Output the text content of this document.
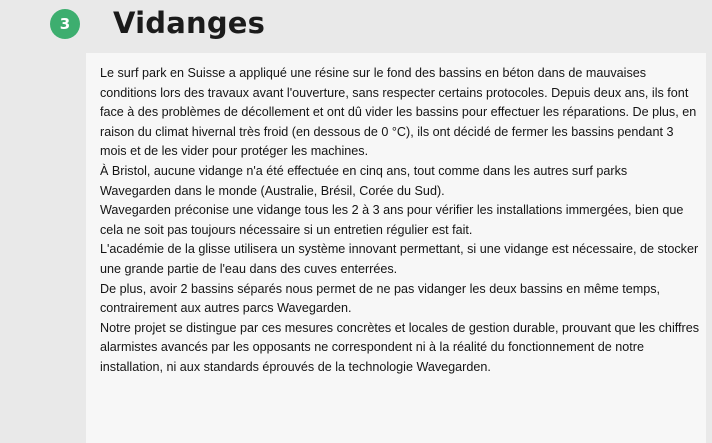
3	Vidanges

Le surf park en Suisse a appliqué une résine sur le fond des bassins en béton dans de mauvaises conditions lors des travaux avant l'ouverture, sans respecter certains protocoles. Depuis deux ans, ils font face à des problèmes de décollement et ont dû vider les bassins pour effectuer les réparations. De plus, en raison du climat hivernal très froid (en dessous de 0 °C), ils ont décidé de fermer les bassins pendant 3 mois et de les vider pour protéger les machines.

À Bristol, aucune vidange n'a été effectuée en cinq ans, tout comme dans les autres surf parks Wavegarden dans le monde (Australie, Brésil, Corée du Sud).

Wavegarden préconise une vidange tous les 2 à 3 ans pour vérifier les installations immergées, bien que cela ne soit pas toujours nécessaire si un entretien régulier est fait.

L'académie de la glisse utilisera un système innovant permettant, si une vidange est nécessaire, de stocker une grande partie de l'eau dans des cuves enterrées.

De plus, avoir 2 bassins séparés nous permet de ne pas vidanger les deux bassins en même temps, contrairement aux autres parcs Wavegarden.

Notre projet se distingue par ces mesures concrètes et locales de gestion durable, prouvant que les chiffres alarmistes avancés par les opposants ne correspondent ni à la réalité du fonctionnement de notre installation, ni aux standards éprouvés de la technologie Wavegarden.
